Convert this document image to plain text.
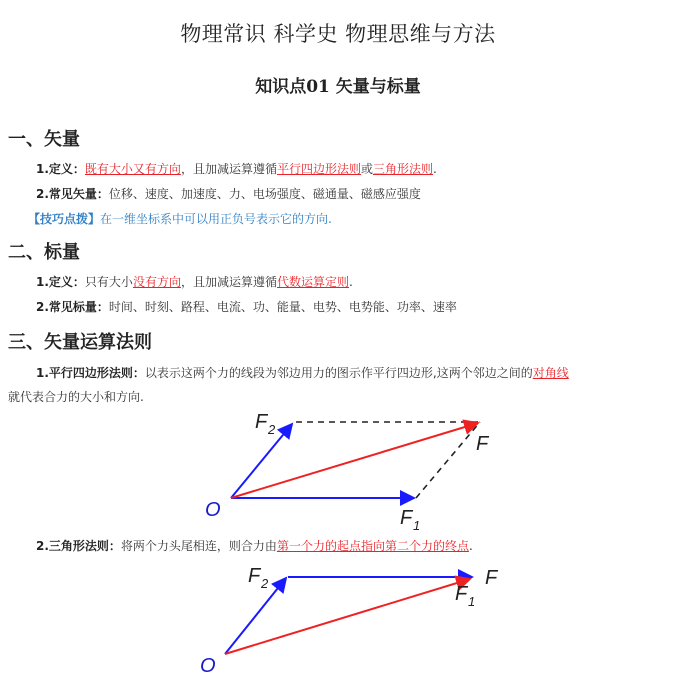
物理常识 科学史 物理思维与方法
知识点01 矢量与标量
一、矢量
1.定义：既有大小又有方向，且加减运算遵循平行四边形法则或三角形法则.
2.常见矢量：位移、速度、加速度、力、电场强度、磁通量、磁感应强度
【技巧点拨】在一维坐标系中可以用正负号表示它的方向.
二、标量
1.定义：只有大小没有方向，且加减运算遵循代数运算定则.
2.常见标量：时间、时刻、路程、电流、功、能量、电势、电势能、功率、速率
三、矢量运算法则
1.平行四边形法则：以表示这两个力的线段为邻边用力的图示作平行四边形,这两个邻边之间的对角线
就代表合力的大小和方向.
O
F 2
F
F 1
2.三角形法则：将两个力头尾相连，则合力由第一个力的起点指向第二个力的终点.
O
F 2	F
F 1
